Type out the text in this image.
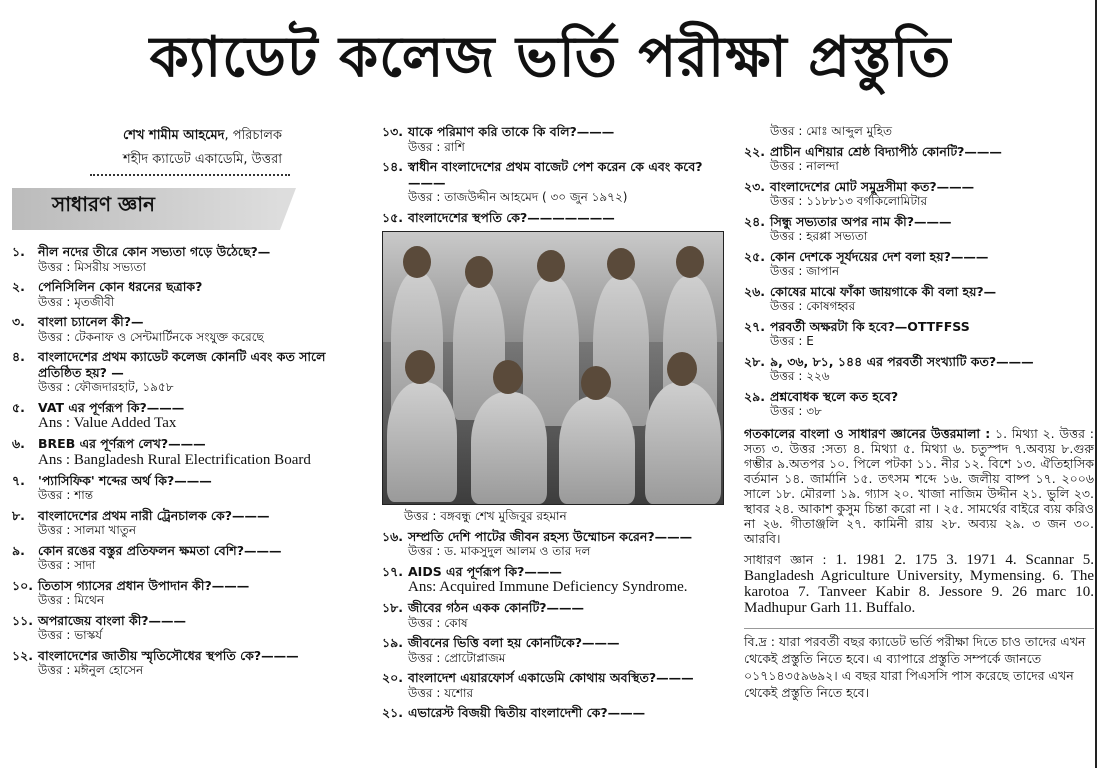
ক্যাডেট কলেজ ভর্তি পরীক্ষা প্রস্তুতি
শেখ শামীম আহমেদ, পরিচালক
শহীদ ক্যাডেট একাডেমি, উত্তরা
সাধারণ জ্ঞান
১.	নীল নদের তীরে কোন সভ্যতা গড়ে উঠেছে?—
উত্তর : মিসরীয় সভ্যতা
২.	পেনিসিলিন কোন ধরনের ছত্রাক?
উত্তর : মৃতজীবী
৩.	বাংলা চ্যানেল কী?—
উত্তর : টেকনাফ ও সেন্টমার্টিনকে সংযুক্ত করেছে
৪.	বাংলাদেশের প্রথম ক্যাডেট কলেজ কোনটি এবং কত সালে প্রতিষ্ঠিত হয়? —
উত্তর : ফৌজদারহাট, ১৯৫৮
৫.	VAT এর পূর্ণরূপ কি?———
Ans : Value Added Tax
৬.	BREB এর পূর্ণরূপ লেখ?———
Ans : Bangladesh Rural Electrification Board
৭.	'প্যাসিফিক' শব্দের অর্থ কি?———
উত্তর : শান্ত
৮.	বাংলাদেশের প্রথম নারী ট্রেনচালক কে?———
উত্তর : সালমা খাতুন
৯.	কোন রঙের বস্তুর প্রতিফলন ক্ষমতা বেশি?———
উত্তর : সাদা
১০. তিতাস গ্যাসের প্রধান উপাদান কী?———
উত্তর : মিথেন
১১. অপরাজেয় বাংলা কী?———
উত্তর : ভাস্কর্য
১২. বাংলাদেশের জাতীয় স্মৃতিসৌধের স্থপতি কে?———
উত্তর : মঈনুল হোসেন
১৩. যাকে পরিমাণ করি তাকে কি বলি?———
উত্তর : রাশি
১৪. স্বাধীন বাংলাদেশের প্রথম বাজেট পেশ করেন কে এবং কবে?———
উত্তর : তাজউদ্দীন আহমেদ ( ৩০ জুন ১৯৭২)
১৫. বাংলাদেশের স্থপতি কে?———————
উত্তর : বঙ্গবন্ধু শেখ মুজিবুর রহমান
১৬. সম্প্রতি দেশি পাটের জীবন রহস্য উম্মোচন করেন?———
উত্তর : ড. মাকসুদুল আলম ও তার দল
১৭. AIDS এর পূর্ণরূপ কি?———
Ans: Acquired Immune Deficiency Syndrome.
১৮. জীবের গঠন একক কোনটি?———
উত্তর : কোষ
১৯. জীবনের ভিত্তি বলা হয় কোনটিকে?———
উত্তর : প্রোটোপ্লাজম
২০. বাংলাদেশ এয়ারফোর্স একাডেমি কোথায় অবস্থিত?———
উত্তর : যশোর
২১. এভারেস্ট বিজয়ী দ্বিতীয় বাংলাদেশী কে?———
উত্তর : মোঃ আব্দুল মুহিত
২২. প্রাচীন এশিয়ার শ্রেষ্ঠ বিদ্যাপীঠ কোনটি?———
উত্তর : নালন্দা
২৩. বাংলাদেশের মোট সমুদ্রসীমা কত?———
উত্তর : ১১৮৮১৩ বর্গকিলোমিটার
২৪. সিন্ধু সভ্যতার অপর নাম কী?———
উত্তর : হরপ্পা সভ্যতা
২৫. কোন দেশকে সূর্যদয়ের দেশ বলা হয়?———
উত্তর : জাপান
২৬. কোষের মাঝে ফাঁকা জায়গাকে কী বলা হয়?—
উত্তর : কোষগহ্বর
২৭. পরবর্তী অক্ষরটা কি হবে?—OTTFFSS
উত্তর : E
২৮. ৯, ৩৬, ৮১, ১৪৪ এর পরবর্তী সংখ্যাটি কত?———
উত্তর : ২২৬
২৯. প্রশ্নবোধক স্থলে কত হবে?
উত্তর : ৩৮
গতকালের বাংলা ও সাধারণ জ্ঞানের উত্তরমালা : ১. মিথ্যা ২. উত্তর : সত্য ৩. উত্তর :সত্য ৪. মিথ্যা ৫. মিথ্যা ৬. চতুস্পদ ৭.অব্যয় ৮.গুরু গম্ভীর ৯.অতপর ১০. পিলে পটকা ১১. নীর ১২. বিশে ১৩. ঐতিহাসিক বর্তমান ১৪. জার্মানি ১৫. তৎসম শব্দে ১৬. জলীয় বাষ্প ১৭. ২০০৬ সালে ১৮. মৌরলা ১৯. গ্যাস ২০. খাজা নাজিম উদ্দীন ২১. ভুলি ২৩. স্থাবর ২৪. আকাশ কুসুম চিন্তা করো না । ২৫. সামর্থের বাইরে ব্যয় করিও না ২৬. গীতাঞ্জলি ২৭. কামিনী রায় ২৮. অব্যয় ২৯. ৩ জন ৩০. আরবি।
সাধারণ জ্ঞান : 1. 1981 2. 175 3. 1971 4. Scannar 5. Bangladesh Agriculture University, Mymensing. 6. The karotoa 7. Tanveer Kabir 8. Jessore 9. 26 marc 10. Madhupur Garh 11. Buffalo.
বি.দ্র : যারা পরবর্তী বছর ক্যাডেট ভর্তি পরীক্ষা দিতে চাও তাদের এখন থেকেই প্রস্তুতি নিতে হবে। এ ব্যাপারে প্রস্তুতি সম্পর্কে জানতে ০১৭১৪৩৫৯৬৯২। এ বছর যারা পিএসসি পাস করেছে তাদের এখন থেকেই প্রস্তুতি নিতে হবে।
